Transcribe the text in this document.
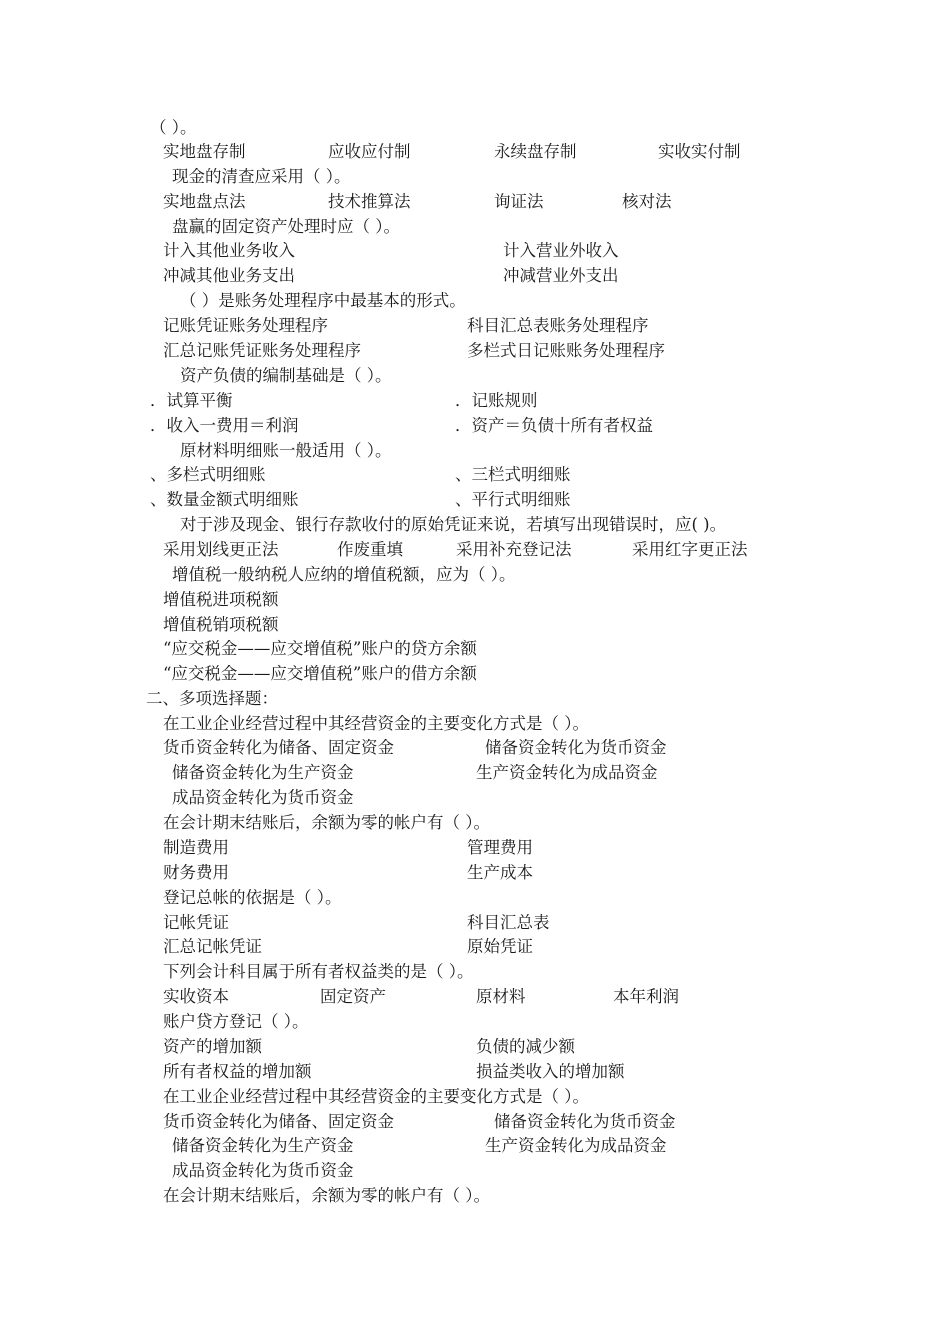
（ ）。
实地盘存制	应收应付制	永续盘存制	实收实付制
现金的清查应采用（ ）。
实地盘点法	技术推算法	询证法	核对法
盘赢的固定资产处理时应（ ）。
计入其他业务收入	计入营业外收入
冲减其他业务支出	冲减营业外支出
（ ）是账务处理程序中最基本的形式。
记账凭证账务处理程序	科目汇总表账务处理程序
汇总记账凭证账务处理程序	多栏式日记账账务处理程序
资产负债的编制基础是（ ）。
．试算平衡	．记账规则
．收入一费用＝利润	．资产＝负债十所有者权益
原材料明细账一般适用（ ）。
、多栏式明细账	、三栏式明细账
、数量金额式明细账	、平行式明细账
对于涉及现金、银行存款收付的原始凭证来说，若填写出现错误时，应( )。
采用划线更正法	作废重填	采用补充登记法	采用红字更正法
增值税一般纳税人应纳的增值税额，应为（ ）。
增值税进项税额
增值税销项税额
“应交税金——应交增值税”账户的贷方余额
“应交税金——应交增值税”账户的借方余额
二、多项选择题：
在工业企业经营过程中其经营资金的主要变化方式是（ ）。
货币资金转化为储备、固定资金	储备资金转化为货币资金
储备资金转化为生产资金	生产资金转化为成品资金
成品资金转化为货币资金
在会计期末结账后，余额为零的帐户有（ ）。
制造费用	管理费用
财务费用	生产成本
登记总帐的依据是（ ）。
记帐凭证	科目汇总表
汇总记帐凭证	原始凭证
下列会计科目属于所有者权益类的是（ ）。
实收资本	固定资产	原材料	本年利润
账户贷方登记（ ）。
资产的增加额	负债的减少额
所有者权益的增加额	损益类收入的增加额
在工业企业经营过程中其经营资金的主要变化方式是（ ）。
货币资金转化为储备、固定资金	储备资金转化为货币资金
储备资金转化为生产资金	生产资金转化为成品资金
成品资金转化为货币资金
在会计期末结账后，余额为零的帐户有（ ）。
